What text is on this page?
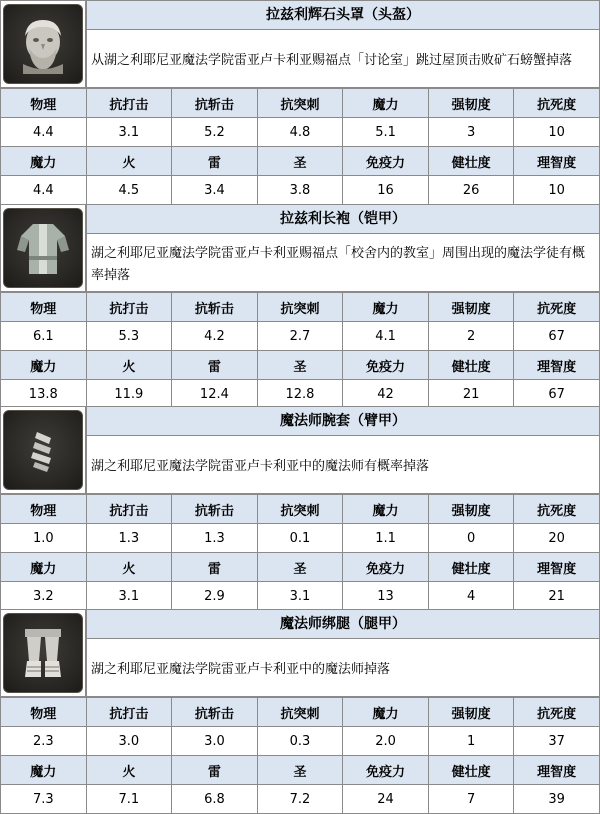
拉兹利辉石头罩（头盔）
从湖之利耶尼亚魔法学院雷亚卢卡利亚赐福点「讨论室」跳过屋顶击败矿石螃蟹掉落
物理	抗打击	抗斩击	抗突刺	魔力	强韧度	抗死度
4.4	3.1	5.2	4.8	5.1	3	10
魔力	火	雷	圣	免疫力	健壮度	理智度
4.4	4.5	3.4	3.8	16	26	10
拉兹利长袍（铠甲）
湖之利耶尼亚魔法学院雷亚卢卡利亚赐福点「校舍内的教室」周围出现的魔法学徒有概率掉落
物理	抗打击	抗斩击	抗突刺	魔力	强韧度	抗死度
6.1	5.3	4.2	2.7	4.1	2	67
魔力	火	雷	圣	免疫力	健壮度	理智度
13.8	11.9	12.4	12.8	42	21	67
魔法师腕套（臂甲）
湖之利耶尼亚魔法学院雷亚卢卡利亚中的魔法师有概率掉落
物理	抗打击	抗斩击	抗突刺	魔力	强韧度	抗死度
1.0	1.3	1.3	0.1	1.1	0	20
魔力	火	雷	圣	免疫力	健壮度	理智度
3.2	3.1	2.9	3.1	13	4	21
魔法师绑腿（腿甲）
湖之利耶尼亚魔法学院雷亚卢卡利亚中的魔法师掉落
物理	抗打击	抗斩击	抗突刺	魔力	强韧度	抗死度
2.3	3.0	3.0	0.3	2.0	1	37
魔力	火	雷	圣	免疫力	健壮度	理智度
7.3	7.1	6.8	7.2	24	7	39
